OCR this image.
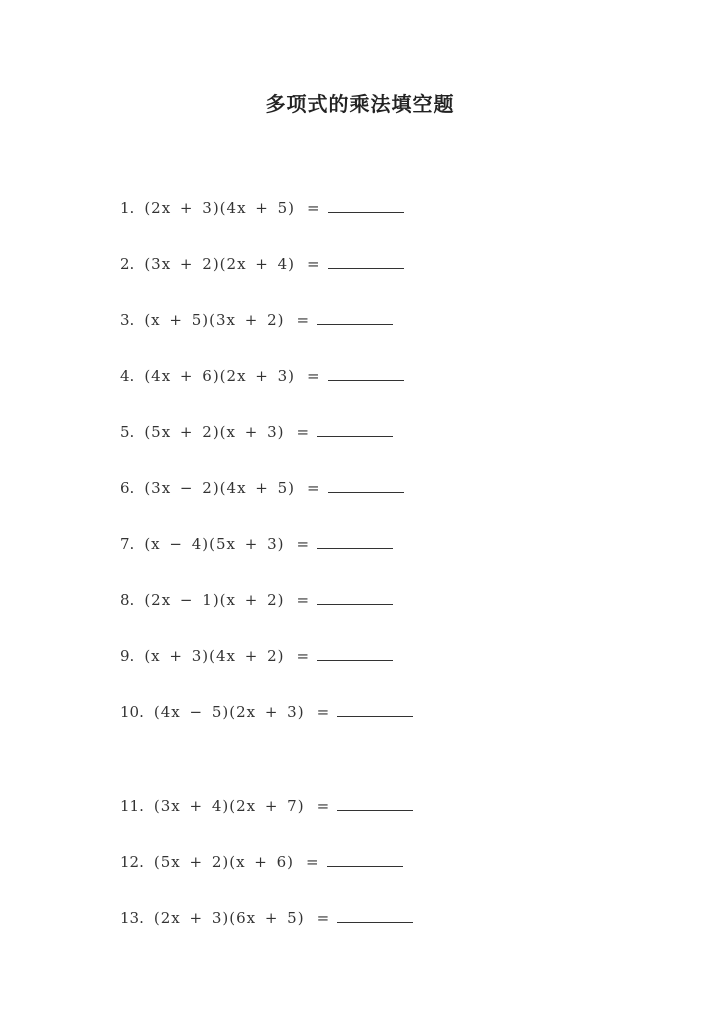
多项式的乘法填空题
1. (2x + 3)(4x + 5) =
2. (3x + 2)(2x + 4) =
3. (x + 5)(3x + 2) =
4. (4x + 6)(2x + 3) =
5. (5x + 2)(x + 3) =
6. (3x − 2)(4x + 5) =
7. (x − 4)(5x + 3) =
8. (2x − 1)(x + 2) =
9. (x + 3)(4x + 2) =
10. (4x − 5)(2x + 3) =
11. (3x + 4)(2x + 7) =
12. (5x + 2)(x + 6) =
13. (2x + 3)(6x + 5) =
